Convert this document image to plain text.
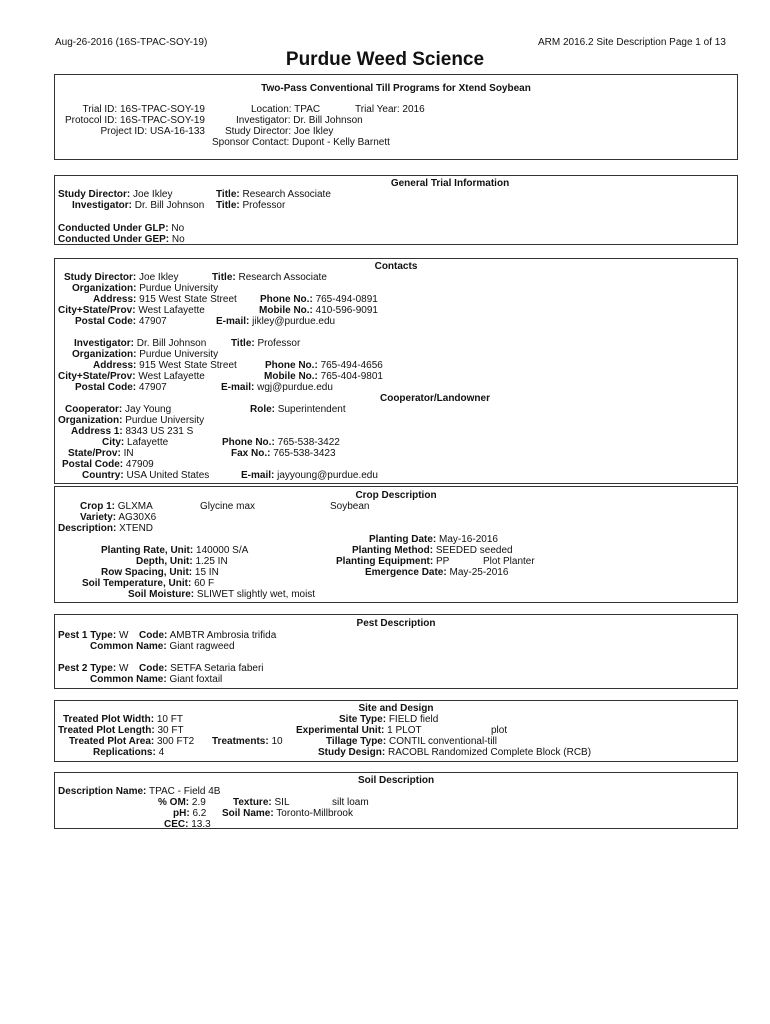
Aug-26-2016 (16S-TPAC-SOY-19)	ARM 2016.2 Site Description Page 1 of 13
Purdue Weed Science
Two-Pass Conventional Till Programs for Xtend Soybean
Trial ID: 16S-TPAC-SOY-19
Protocol ID: 16S-TPAC-SOY-19
Project ID: USA-16-133
Location: TPAC	Trial Year: 2016
Investigator: Dr. Bill Johnson
Study Director: Joe Ikley
Sponsor Contact: Dupont - Kelly Barnett
General Trial Information
Study Director: Joe Ikley	Title: Research Associate
Investigator: Dr. Bill Johnson Title: Professor
Conducted Under GLP: No
Conducted Under GEP: No
Contacts
Study Director: Joe Ikley	Title: Research Associate
Organization: Purdue University
Address: 915 West State Street Phone No.: 765-494-0891
City+State/Prov: West Lafayette	Mobile No.: 410-596-9091
Postal Code: 47907	E-mail: jikley@purdue.edu
Investigator: Dr. Bill Johnson Title: Professor
Organization: Purdue University
Address: 915 West State Street	Phone No.: 765-494-4656
City+State/Prov: West Lafayette	Mobile No.: 765-404-9801
Postal Code: 47907	E-mail: wgj@purdue.edu
Cooperator/Landowner
Cooperator: Jay Young	Role: Superintendent
Organization: Purdue University
Address 1: 8343 US 231 S
City: Lafayette	Phone No.: 765-538-3422
State/Prov: IN	Fax No.: 765-538-3423
Postal Code: 47909
Country: USA United States	E-mail: jayyoung@purdue.edu
Crop Description
Crop 1: GLXMA	Glycine max	Soybean
Variety: AG30X6
Description: XTEND
Planting Date: May-16-2016
Planting Rate, Unit: 140000 S/A	Planting Method: SEEDED seeded
Depth, Unit: 1.25 IN	Planting Equipment: PP	Plot Planter
Row Spacing, Unit: 15 IN	Emergence Date: May-25-2016
Soil Temperature, Unit: 60 F
Soil Moisture: SLIWET slightly wet, moist
Pest Description
Pest 1 Type: W Code: AMBTR Ambrosia trifida
Common Name: Giant ragweed
Pest 2 Type: W Code: SETFA Setaria faberi
Common Name: Giant foxtail
Site and Design
Treated Plot Width: 10 FT	Site Type: FIELD field
Treated Plot Length: 30 FT	Experimental Unit: 1 PLOT	plot
Treated Plot Area: 300 FT2 Treatments: 10	Tillage Type: CONTIL conventional-till
Replications: 4	Study Design: RACOBL Randomized Complete Block (RCB)
Soil Description
Description Name: TPAC - Field 4B
% OM: 2.9	Texture: SIL	silt loam
pH: 6.2 Soil Name: Toronto-Millbrook
CEC: 13.3
